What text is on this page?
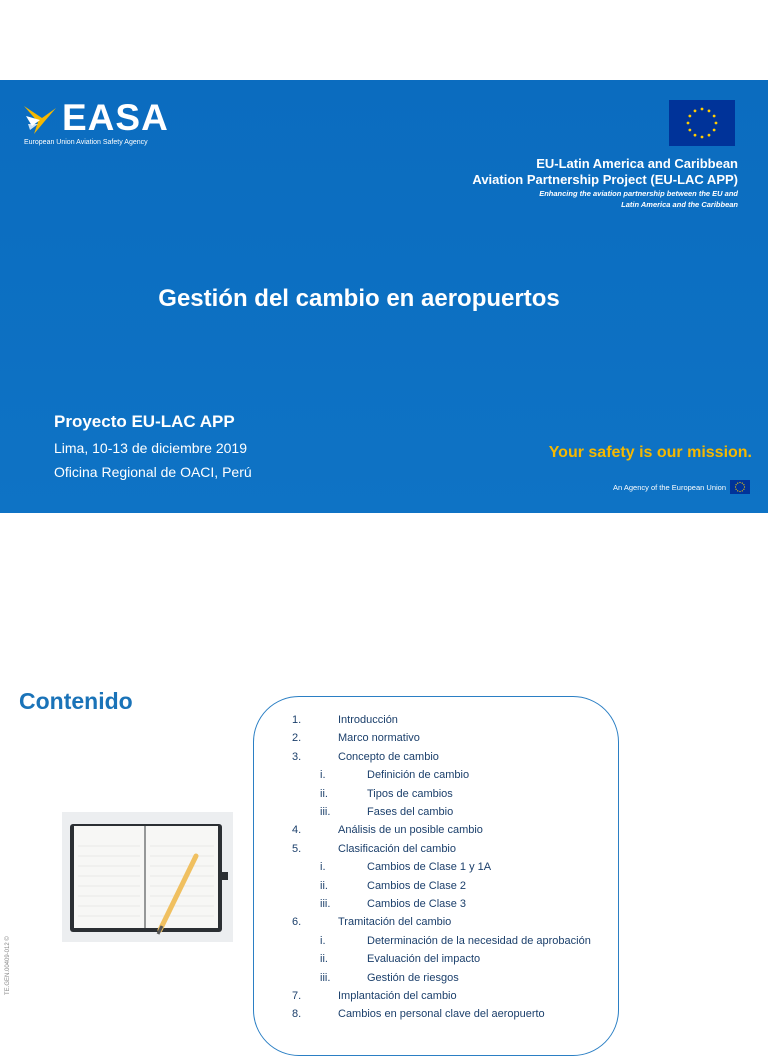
EASA
European Union Aviation Safety Agency
EU-Latin America and Caribbean
Aviation Partnership Project (EU-LAC APP)
Enhancing the aviation partnership between the EU and
Latin America and the Caribbean
Gestión del cambio en aeropuertos
Proyecto EU-LAC APP
Lima, 10-13 de diciembre 2019
Oficina Regional de OACI, Perú
Your safety is our mission.
An Agency of the European Union
Contenido
1.	Introducción
2.	Marco normativo
3.	Concepto de cambio
i.	Definición de cambio
ii.	Tipos de cambios
iii.	Fases del cambio
4.	Análisis de un posible cambio
5.	Clasificación del cambio
i.	Cambios de Clase 1 y 1A
ii.	Cambios de Clase 2
iii.	Cambios de Clase 3
6.	Tramitación del cambio
i.	Determinación de la necesidad de aprobación
ii.	Evaluación del impacto
iii.	Gestión de riesgos
7.	Implantación del cambio
8.	Cambios en personal clave del aeropuerto
TE.GEN.00409-012 ©
